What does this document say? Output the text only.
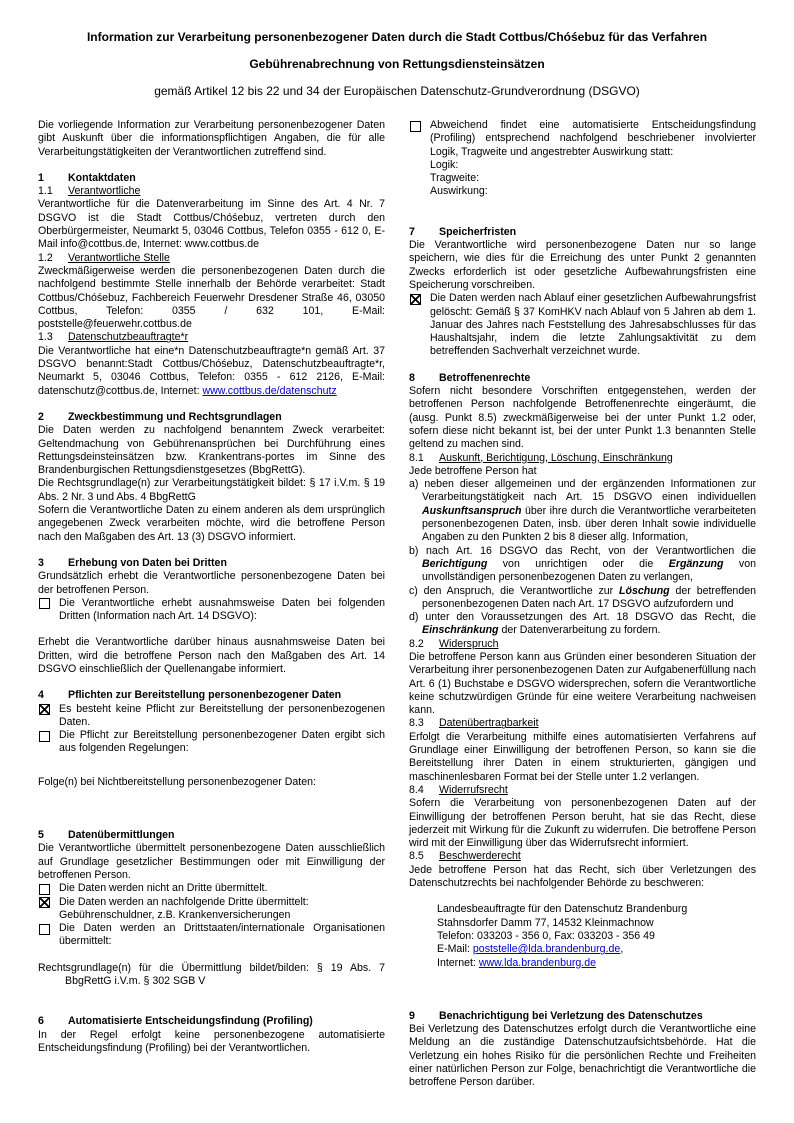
Information zur Verarbeitung personenbezogener Daten durch die Stadt Cottbus/Chóśebuz für das Verfahren

Gebührenabrechnung von Rettungsdiensteinsätzen

gemäß Artikel 12 bis 22 und 34 der Europäischen Datenschutz-Grundverordnung (DSGVO)

Die vorliegende Information zur Verarbeitung personenbezogener Daten gibt Auskunft über die informationspflichtigen Angaben, die für alle Verarbeitungstätigkeiten der Verantwortlichen zutreffend sind.

1	Kontaktdaten
1.1	Verantwortliche

Verantwortliche für die Datenverarbeitung im Sinne des Art. 4 Nr. 7 DSGVO ist die Stadt Cottbus/Chóśebuz, vertreten durch den Oberbürgermeister, Neumarkt 5, 03046 Cottbus, Telefon 0355 - 612 0, E-Mail info@cottbus.de, Internet: www.cottbus.de

1.2	Verantwortliche Stelle

Zweckmäßigerweise werden die personenbezogenen Daten durch die nachfolgend bestimmte Stelle innerhalb der Behörde verarbeitet: Stadt Cottbus/Chóśebuz, Fachbereich Feuerwehr Dresdener Straße 46, 03050 Cottbus, Telefon: 0355 / 632 101, E-Mail: poststelle@feuerwehr.cottbus.de

1.3	Datenschutzbeauftragte*r

Die Verantwortliche hat eine*n Datenschutzbeauftragte*n gemäß Art. 37 DSGVO benannt:Stadt Cottbus/Chóśebuz, Datenschutzbeauftragte*r, Neumarkt 5, 03046 Cottbus, Telefon: 0355 - 612 2126, E-Mail: datenschutz@cottbus.de, Internet: www.cottbus.de/datenschutz

2	Zweckbestimmung und Rechtsgrundlagen

Die Daten werden zu nachfolgend benanntem Zweck verarbeitet: Geltendmachung von Gebührenansprüchen bei Durchführung eines Rettungsdeinsteinsätzen bzw. Krankentrans-portes im Sinne des Brandenburgischen Rettungsdienstgesetzes (BbgRettG).

Die Rechtsgrundlage(n) zur Verarbeitungstätigkeit bildet: § 17 i.V.m. § 19 Abs. 2 Nr. 3 und Abs. 4 BbgRettG

Sofern die Verantwortliche Daten zu einem anderen als dem ursprünglich angegebenen Zweck verarbeiten möchte, wird die betroffene Person nach den Maßgaben des Art. 13 (3) DSGVO informiert.

3	Erhebung von Daten bei Dritten

Grundsätzlich erhebt die Verantwortliche personenbezogene Daten bei der betroffenen Person.

Die Verantwortliche erhebt ausnahmsweise Daten bei folgenden Dritten (Information nach Art. 14 DSGVO):

Erhebt die Verantwortliche darüber hinaus ausnahmsweise Daten bei Dritten, wird die betroffene Person nach den Maßgaben des Art. 14 DSGVO einschließlich der Quellenangabe informiert.

4	Pflichten zur Bereitstellung personenbezogener Daten
Es besteht keine Pflicht zur Bereitstellung der personenbezogenen Daten.
Die Pflicht zur Bereitstellung personenbezogener Daten ergibt sich aus folgenden Regelungen:

Folge(n) bei Nichtbereitstellung personenbezogener Daten:

5	Datenübermittlungen

Die Verantwortliche übermittelt personenbezogene Daten ausschließlich auf Grundlage gesetzlicher Bestimmungen oder mit Einwilligung der betroffenen Person.

Die Daten werden nicht an Dritte übermittelt.
Die Daten werden an nachfolgende Dritte übermittelt:
Gebührenschuldner, z.B. Krankenversicherungen
Die Daten werden an Drittstaaten/internationale Organisationen übermittelt:

Rechtsgrundlage(n) für die Übermittlung bildet/bilden: § 19 Abs. 7 BbgRettG i.V.m. § 302 SGB V

6	Automatisierte Entscheidungsfindung (Profiling)

In der Regel erfolgt keine personenbezogene automatisierte Entscheidungsfindung (Profiling) bei der Verantwortlichen.

Abweichend findet eine automatisierte Entscheidungsfindung (Profiling) entsprechend nachfolgend beschriebener involvierter Logik, Tragweite und angestrebter Auswirkung statt:
Logik:
Tragweite:
Auswirkung:
7	Speicherfristen

Die Verantwortliche wird personenbezogene Daten nur so lange speichern, wie dies für die Erreichung des unter Punkt 2 genannten Zwecks erforderlich ist oder gesetzliche Aufbewahrungsfristen eine Speicherung vorschreiben.

Die Daten werden nach Ablauf einer gesetzlichen Aufbewahrungsfrist gelöscht: Gemäß § 37 KomHKV nach Ablauf von 5 Jahren ab dem 1. Januar des Jahres nach Feststellung des Jahresabschlusses für das Haushaltsjahr, indem die letzte Zahlungsaktivität zu dem betreffenden Sachverhalt verzeichnet wurde.
8	Betroffenenrechte

Sofern nicht besondere Vorschriften entgegenstehen, werden der betroffenen Person nachfolgende Betroffenenrechte eingeräumt, die (ausg. Punkt 8.5) zweckmäßigerweise bei der unter Punkt 1.2 oder, sofern diese nicht bekannt ist, bei der unter Punkt 1.3 benannten Stelle geltend zu machen sind.

8.1	Auskunft, Berichtigung, Löschung, Einschränkung

Jede betroffene Person hat

a) neben dieser allgemeinen und der ergänzenden Informationen zur Verarbeitungstätigkeit nach Art. 15 DSGVO einen individuellen Auskunftsanspruch über ihre durch die Verantwortliche verarbeiteten personenbezogenen Daten, insb. über deren Inhalt sowie individuelle Angaben zu den Punkten 2 bis 8 dieser allg. Information,
b) nach Art. 16 DSGVO das Recht, von der Verantwortlichen die Berichtigung von unrichtigen oder die Ergänzung von unvollständigen personenbezogenen Daten zu verlangen,
c) den Anspruch, die Verantwortliche zur Löschung der betreffenden personenbezogenen Daten nach Art. 17 DSGVO aufzufordern und
d) unter den Voraussetzungen des Art. 18 DSGVO das Recht, die Einschränkung der Datenverarbeitung zu fordern.
8.2	Widerspruch

Die betroffene Person kann aus Gründen einer besonderen Situation der Verarbeitung ihrer personenbezogenen Daten zur Aufgabenerfüllung nach Art. 6 (1) Buchstabe e DSGVO widersprechen, sofern die Verantwortliche keine schutzwürdigen Gründe für eine weitere Verarbeitung nachweisen kann.

8.3	Datenübertragbarkeit

Erfolgt die Verarbeitung mithilfe eines automatisierten Verfahrens auf Grundlage einer Einwilligung der betroffenen Person, so kann sie die Bereitstellung ihrer Daten in einem strukturierten, gängigen und maschinenlesbaren Format bei der Stelle unter 1.2 verlangen.

8.4	Widerrufsrecht

Sofern die Verarbeitung von personenbezogenen Daten auf der Einwilligung der betroffenen Person beruht, hat sie das Recht, diese jederzeit mit Wirkung für die Zukunft zu widerrufen. Die betroffene Person wird mit der Einwilligung über das Widerrufsrecht informiert.

8.5	Beschwerderecht

Jede betroffene Person hat das Recht, sich über Verletzungen des Datenschutzrechts bei nachfolgender Behörde zu beschweren:

Landesbeauftragte für den Datenschutz Brandenburg
Stahnsdorfer Damm 77, 14532 Kleinmachnow
Telefon: 033203 - 356 0, Fax: 033203 - 356 49
E-Mail: poststelle@lda.brandenburg.de,
Internet: www.lda.brandenburg.de
9	Benachrichtigung bei Verletzung des Datenschutzes

Bei Verletzung des Datenschutzes erfolgt durch die Verantwortliche eine Meldung an die zuständige Datenschutzaufsichtsbehörde. Hat die Verletzung ein hohes Risiko für die persönlichen Rechte und Freiheiten einer natürlichen Person zur Folge, benachrichtigt die Verantwortliche die betroffene Person darüber.
